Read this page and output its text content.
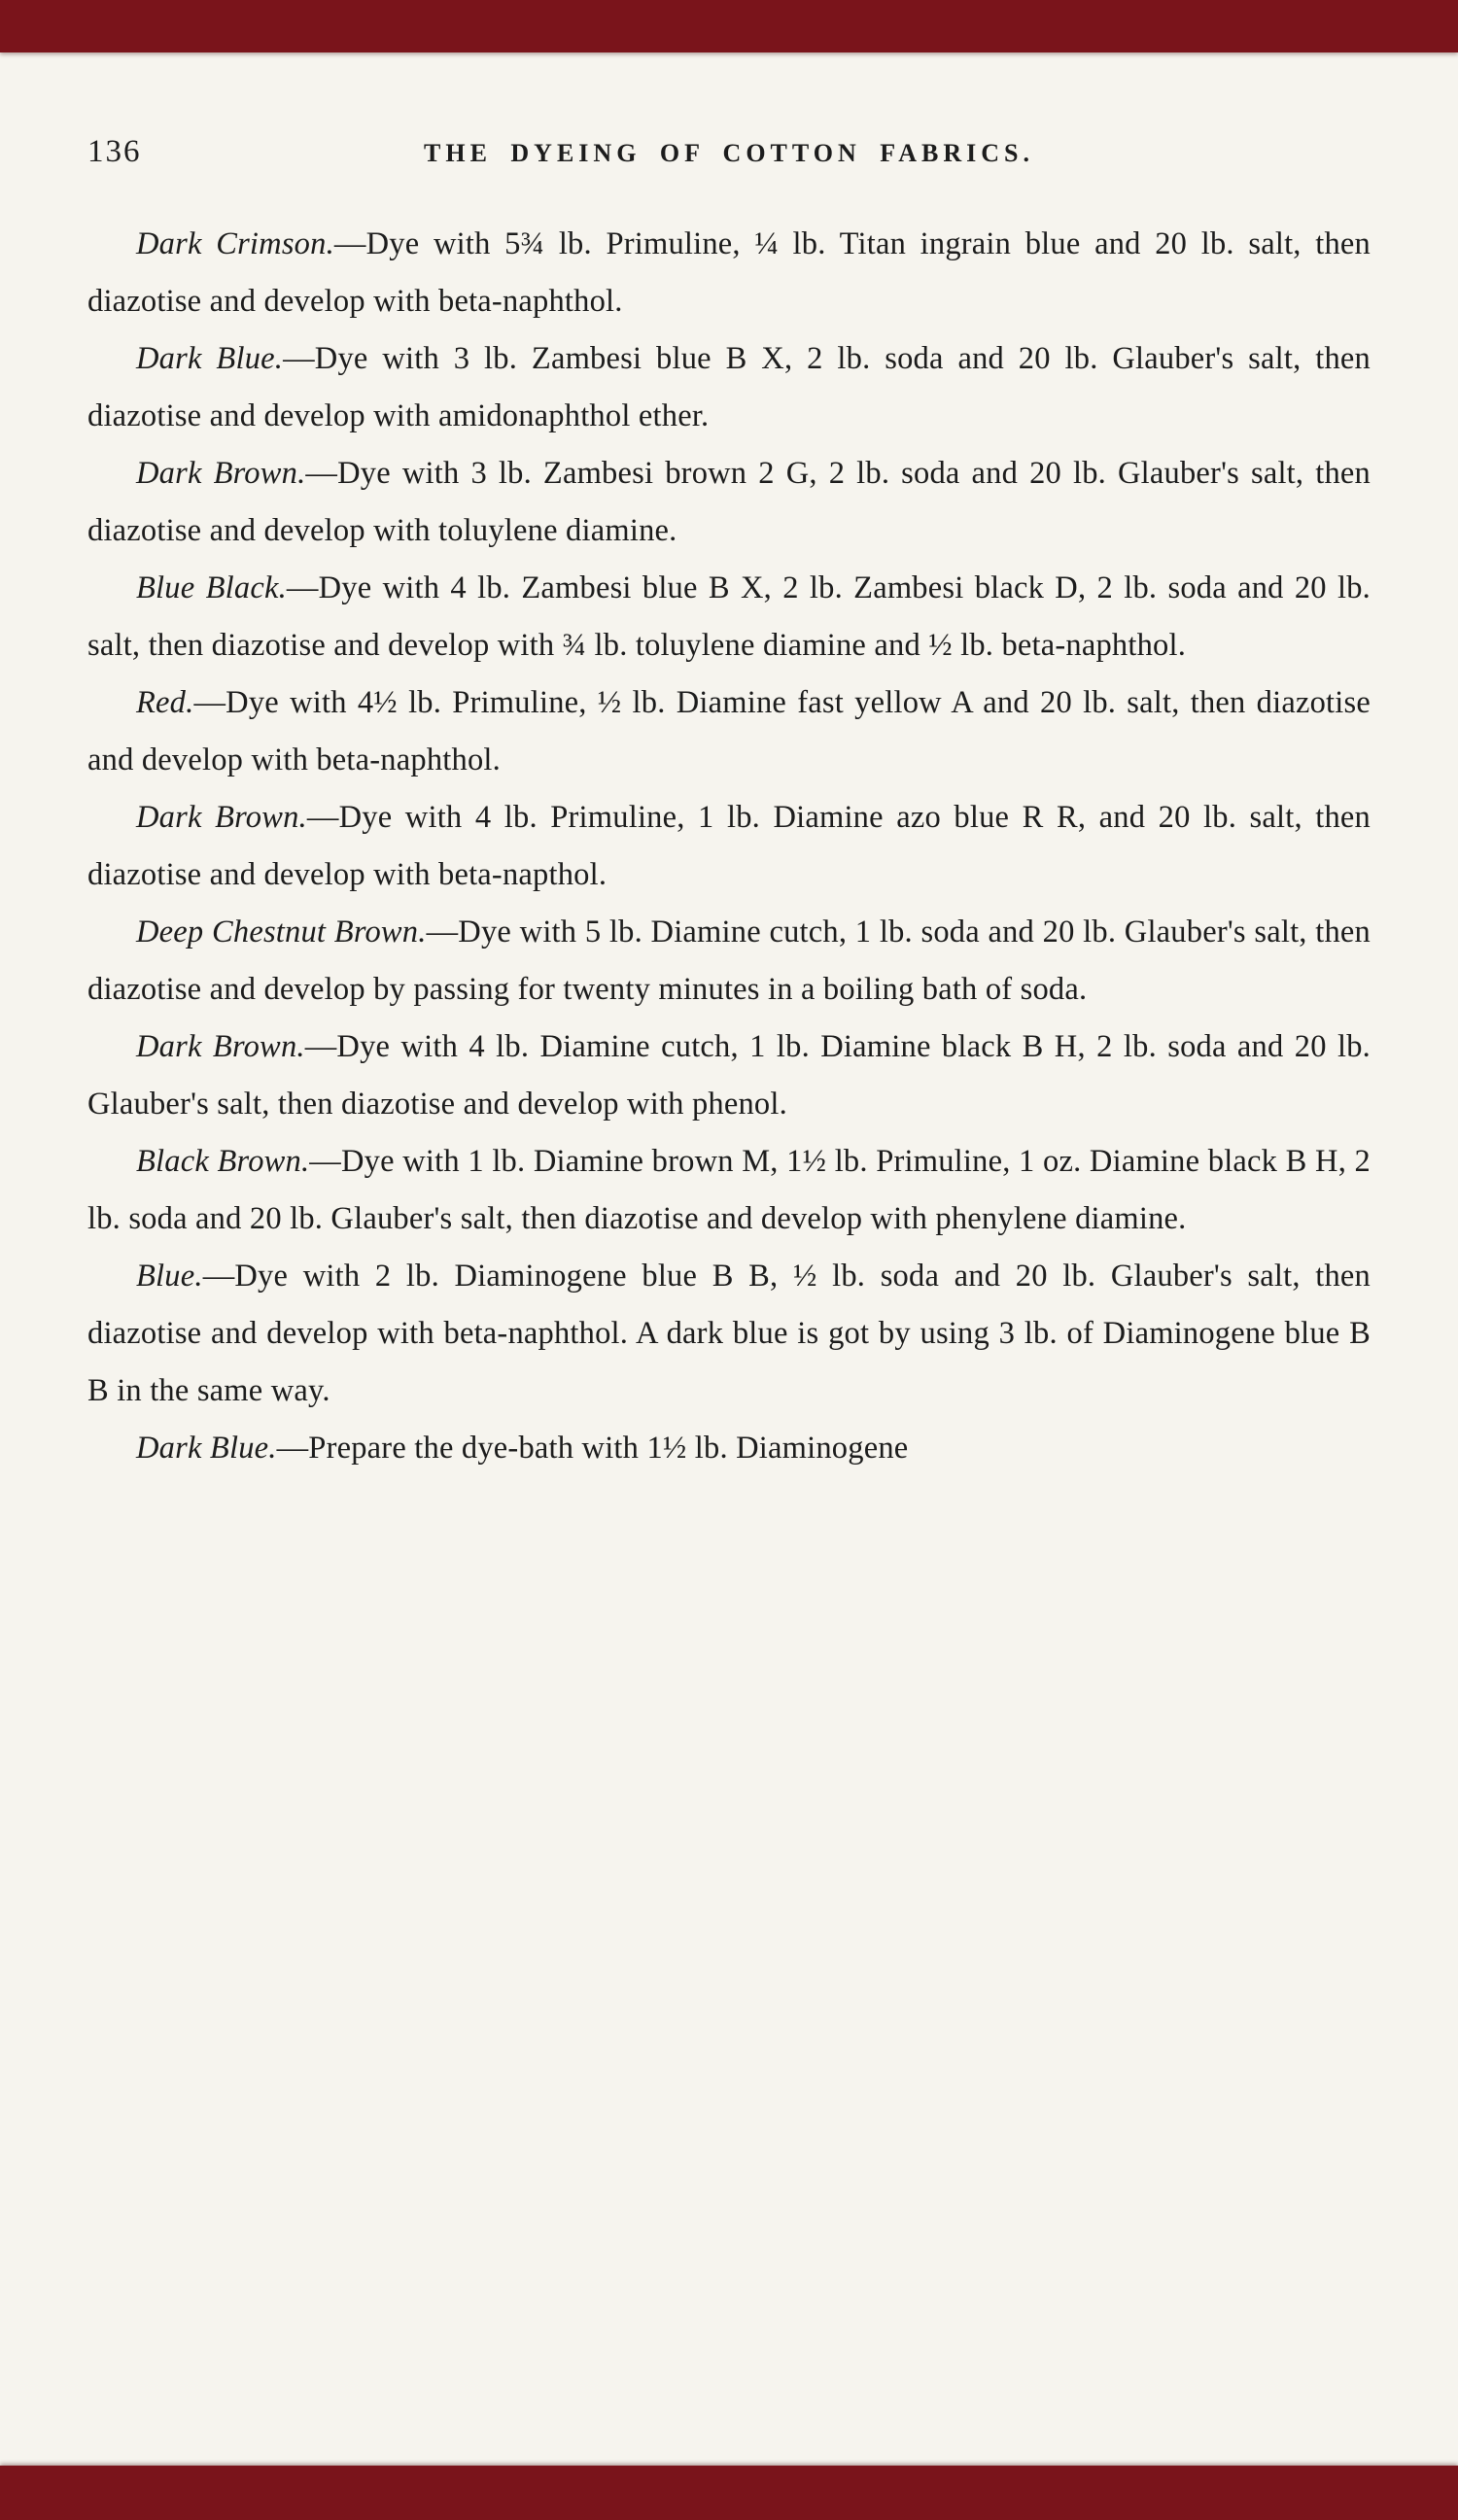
136	THE DYEING OF COTTON FABRICS.

Dark Crimson.—Dye with 5¾ lb. Primuline, ¼ lb. Titan ingrain blue and 20 lb. salt, then diazotise and develop with beta-naphthol.

Dark Blue.—Dye with 3 lb. Zambesi blue B X, 2 lb. soda and 20 lb. Glauber's salt, then diazotise and develop with amidonaphthol ether.

Dark Brown.—Dye with 3 lb. Zambesi brown 2 G, 2 lb. soda and 20 lb. Glauber's salt, then diazotise and develop with toluylene diamine.

Blue Black.—Dye with 4 lb. Zambesi blue B X, 2 lb. Zambesi black D, 2 lb. soda and 20 lb. salt, then diazotise and develop with ¾ lb. toluylene diamine and ½ lb. beta-naphthol.

Red.—Dye with 4½ lb. Primuline, ½ lb. Diamine fast yellow A and 20 lb. salt, then diazotise and develop with beta-naphthol.

Dark Brown.—Dye with 4 lb. Primuline, 1 lb. Diamine azo blue R R, and 20 lb. salt, then diazotise and develop with beta-napthol.

Deep Chestnut Brown.—Dye with 5 lb. Diamine cutch, 1 lb. soda and 20 lb. Glauber's salt, then diazotise and develop by passing for twenty minutes in a boiling bath of soda.

Dark Brown.—Dye with 4 lb. Diamine cutch, 1 lb. Diamine black B H, 2 lb. soda and 20 lb. Glauber's salt, then diazotise and develop with phenol.

Black Brown.—Dye with 1 lb. Diamine brown M, 1½ lb. Primuline, 1 oz. Diamine black B H, 2 lb. soda and 20 lb. Glauber's salt, then diazotise and develop with phenylene diamine.

Blue.—Dye with 2 lb. Diaminogene blue B B, ½ lb. soda and 20 lb. Glauber's salt, then diazotise and develop with beta-naphthol. A dark blue is got by using 3 lb. of Diaminogene blue B B in the same way.

Dark Blue.—Prepare the dye-bath with 1½ lb. Diaminogene
